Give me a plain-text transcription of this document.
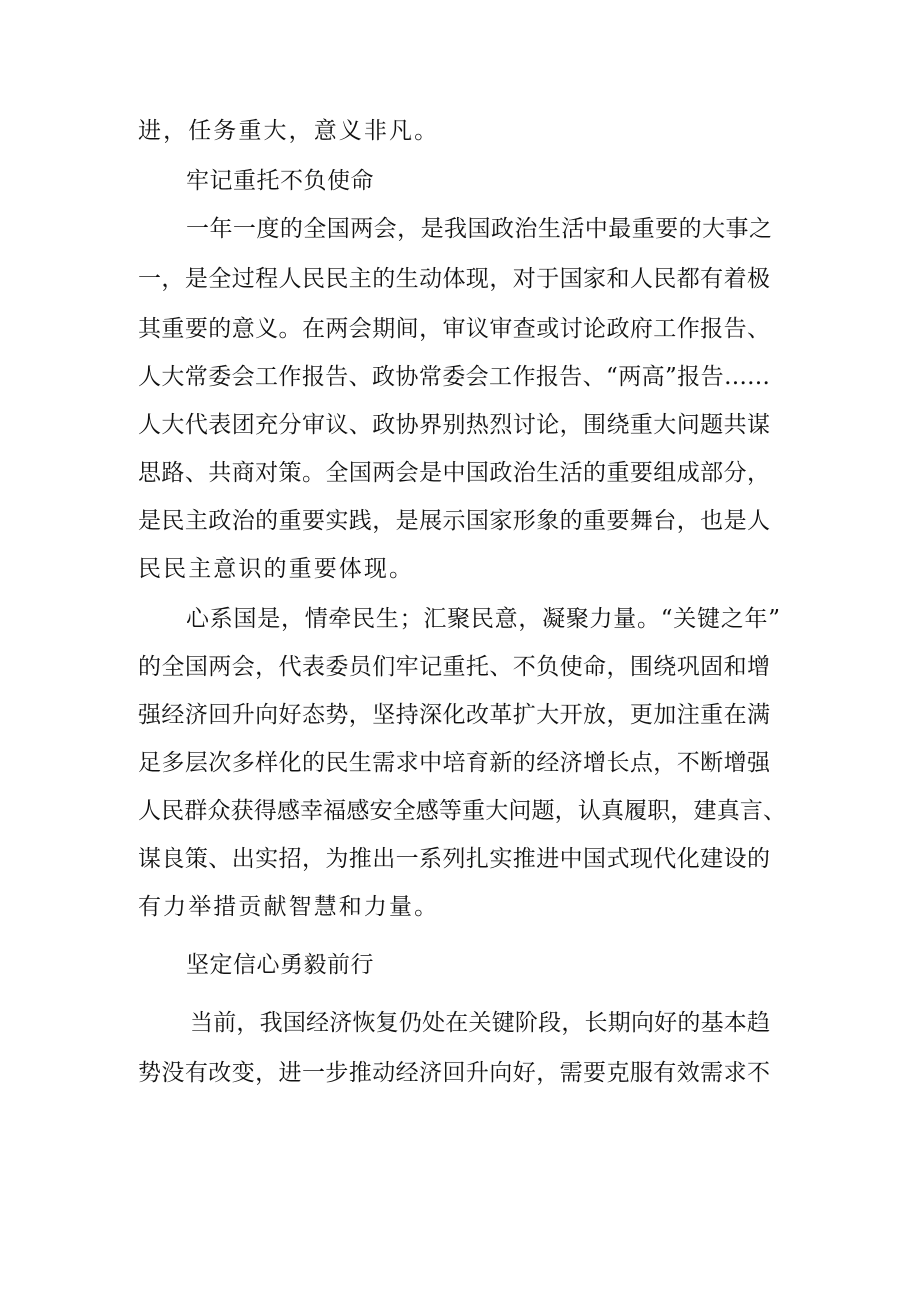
进，任务重大，意义非凡。
牢记重托不负使命
一年一度的全国两会，是我国政治生活中最重要的大事之
一，是全过程人民民主的生动体现，对于国家和人民都有着极
其重要的意义。在两会期间，审议审查或讨论政府工作报告、
人大常委会工作报告、政协常委会工作报告、“两高”报告……
人大代表团充分审议、政协界别热烈讨论，围绕重大问题共谋
思路、共商对策。全国两会是中国政治生活的重要组成部分，
是民主政治的重要实践，是展示国家形象的重要舞台，也是人
民民主意识的重要体现。
心系国是，情牵民生；汇聚民意，凝聚力量。“关键之年”
的全国两会，代表委员们牢记重托、不负使命，围绕巩固和增
强经济回升向好态势，坚持深化改革扩大开放，更加注重在满
足多层次多样化的民生需求中培育新的经济增长点，不断增强
人民群众获得感幸福感安全感等重大问题，认真履职，建真言、
谋良策、出实招，为推出一系列扎实推进中国式现代化建设的
有力举措贡献智慧和力量。
坚定信心勇毅前行
当前，我国经济恢复仍处在关键阶段，长期向好的基本趋
势没有改变，进一步推动经济回升向好，需要克服有效需求不
